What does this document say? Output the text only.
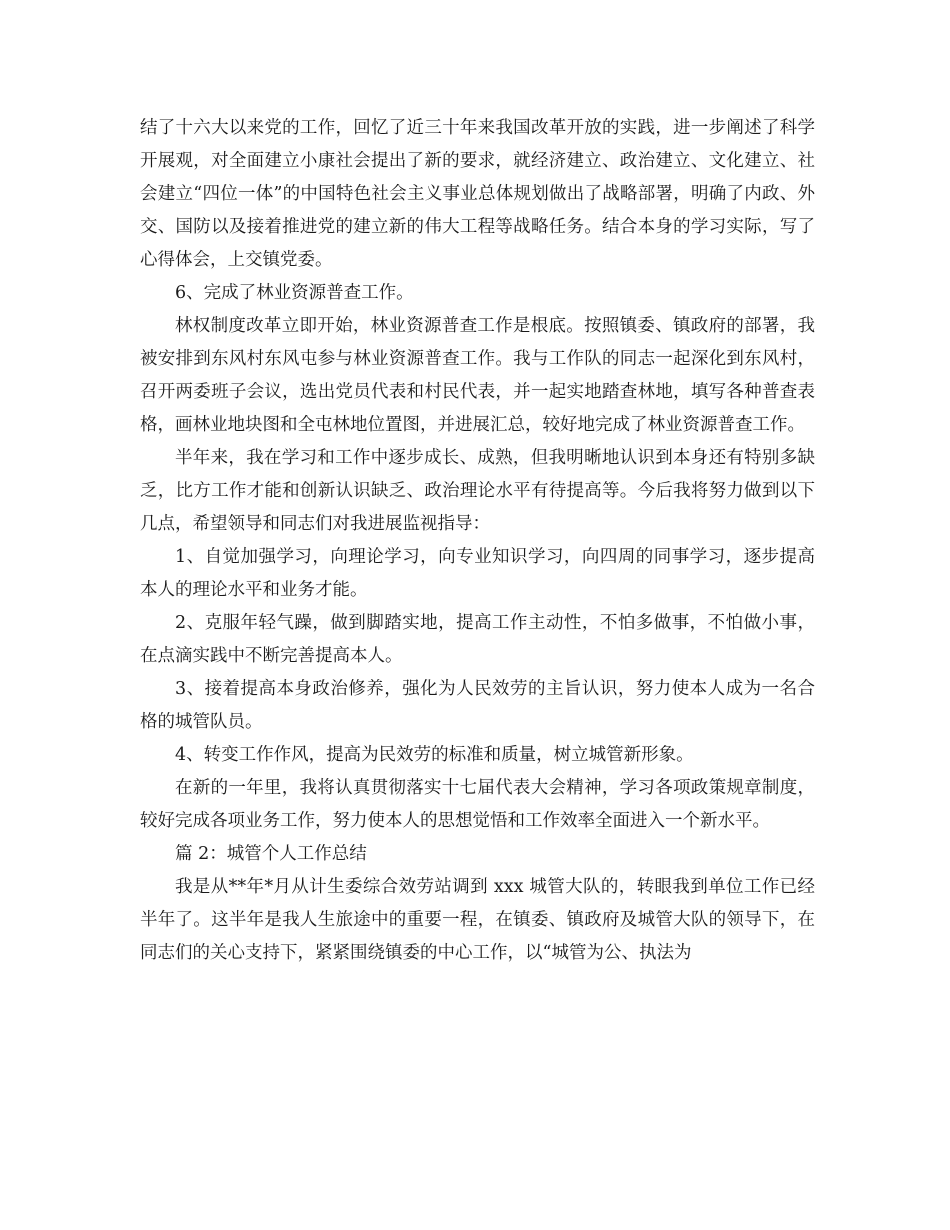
结了十六大以来党的工作，回忆了近三十年来我国改革开放的实践，进一步阐述了科学开展观，对全面建立小康社会提出了新的要求，就经济建立、政治建立、文化建立、社会建立“四位一体”的中国特色社会主义事业总体规划做出了战略部署，明确了内政、外交、国防以及接着推进党的建立新的伟大工程等战略任务。结合本身的学习实际，写了心得体会，上交镇党委。

6、完成了林业资源普查工作。

林权制度改革立即开始，林业资源普查工作是根底。按照镇委、镇政府的部署，我被安排到东风村东风屯参与林业资源普查工作。我与工作队的同志一起深化到东风村，召开两委班子会议，选出党员代表和村民代表，并一起实地踏查林地，填写各种普查表格，画林业地块图和全屯林地位置图，并进展汇总，较好地完成了林业资源普查工作。

半年来，我在学习和工作中逐步成长、成熟，但我明晰地认识到本身还有特别多缺乏，比方工作才能和创新认识缺乏、政治理论水平有待提高等。今后我将努力做到以下几点，希望领导和同志们对我进展监视指导：

1、自觉加强学习，向理论学习，向专业知识学习，向四周的同事学习，逐步提高本人的理论水平和业务才能。

2、克服年轻气躁，做到脚踏实地，提高工作主动性，不怕多做事，不怕做小事，在点滴实践中不断完善提高本人。

3、接着提高本身政治修养，强化为人民效劳的主旨认识，努力使本人成为一名合格的城管队员。

4、转变工作作风，提高为民效劳的标准和质量，树立城管新形象。

在新的一年里，我将认真贯彻落实十七届代表大会精神，学习各项政策规章制度，较好完成各项业务工作，努力使本人的思想觉悟和工作效率全面进入一个新水平。

篇 2：城管个人工作总结

我是从**年*月从计生委综合效劳站调到 xxx 城管大队的，转眼我到单位工作已经半年了。这半年是我人生旅途中的重要一程，在镇委、镇政府及城管大队的领导下，在同志们的关心支持下，紧紧围绕镇委的中心工作，以“城管为公、执法为
